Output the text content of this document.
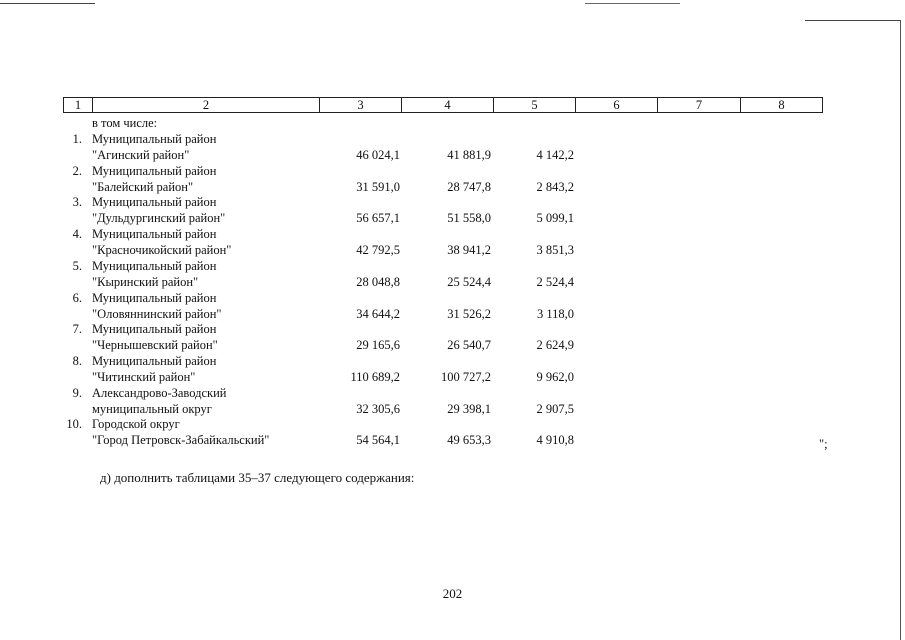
1	2	3	4	5	6	7	8
в том числе:
1. Муниципальный район
"Агинский район"	46 024,1	41 881,9	4 142,2
2. Муниципальный район
"Балейский район"	31 591,0	28 747,8	2 843,2
3. Муниципальный район
"Дульдургинский район"	56 657,1	51 558,0	5 099,1
4. Муниципальный район
"Красночикойский район"	42 792,5	38 941,2	3 851,3
5. Муниципальный район
"Кыринский район"	28 048,8	25 524,4	2 524,4
6. Муниципальный район
"Оловяннинский район"	34 644,2	31 526,2	3 118,0
7. Муниципальный район
"Чернышевский район"	29 165,6	26 540,7	2 624,9
8. Муниципальный район
"Читинский район"	110 689,2	100 727,2	9 962,0
9. Александрово-Заводский
муниципальный округ	32 305,6	29 398,1	2 907,5
10. Городской округ
"Город Петровск-Забайкальский"	54 564,1	49 653,3	4 910,8	";
д) дополнить таблицами 35–37 следующего содержания:
202
